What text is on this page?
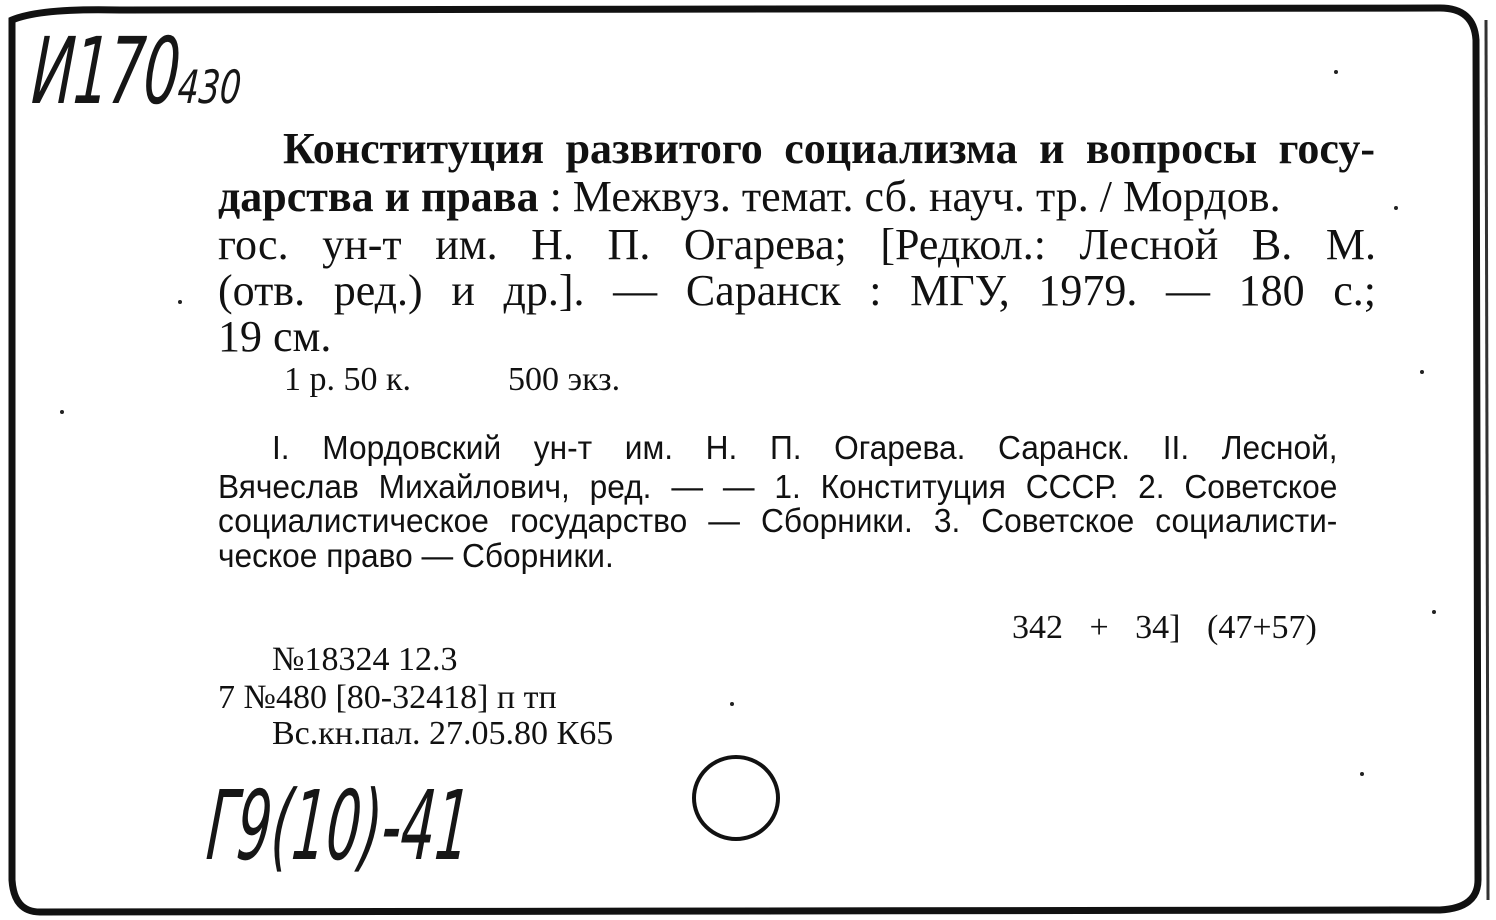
И170
430
Конституция развитого социализма и вопросы госу-
дарства и права : Межвуз. темат. сб. науч. тр. / Мордов.
гос. ун-т им. Н. П. Огарева; [Редкол.: Лесной В. М.
(отв. ред.) и др.]. — Саранск : МГУ, 1979. — 180 с.;
19 см.
1 р. 50 к.	500 экз.
I. Мордовский ун-т им. Н. П. Огарева. Саранск. II. Лесной,
Вячеслав Михайлович, ред. — — 1. Конституция СССР. 2. Советское
социалистическое государство — Сборники. 3. Советское социалисти-
ческое право — Сборники.
342 + 34] (47+57)
№18324 12.3
7 №480 [80-32418] п тп
Вс.кн.пал. 27.05.80 К65
Г9(10)-41
